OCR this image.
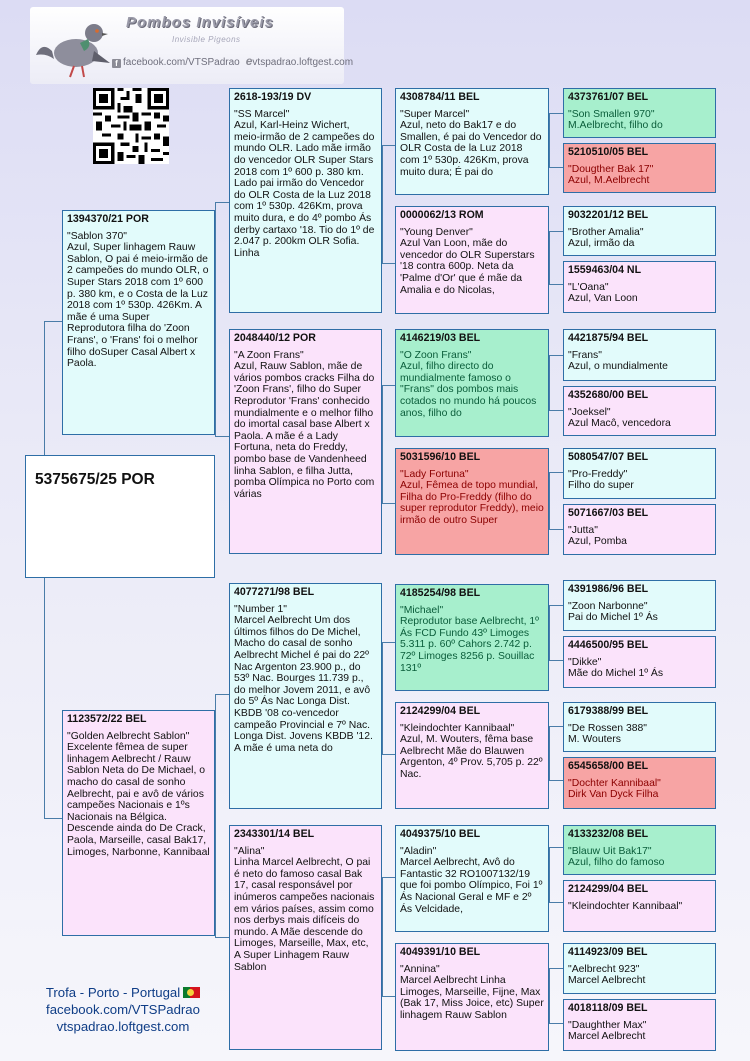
Pombos Invisíveis
Invisible Pigeons
f facebook.com/VTSPadrao evtspadrao.loftgest.com
5375675/25 POR
1394370/21 POR
"Sablon 370"
Azul, Super linhagem Rauw Sablon, O pai é meio-irmão de 2 campeões do mundo OLR, o Super Stars 2018 com 1º 600 p. 380 km, e o Costa de la Luz 2018 com 1º 530p. 426Km. A mãe é uma Super Reprodutora filha do 'Zoon Frans', o 'Frans' foi o melhor filho doSuper Casal Albert x Paola.
1123572/22 BEL
"Golden Aelbrecht Sablon"
Excelente fêmea de super linhagem Aelbrecht / Rauw Sablon Neta do De Michael, o macho do casal de sonho Aelbrecht, pai e avô de vários campeões Nacionais e 1ºs Nacionais na Bélgica. Descende ainda do De Crack, Paola, Marseille, casal Bak17, Limoges, Narbonne, Kannibaal
2618-193/19 DV
"SS Marcel"
Azul, Karl-Heinz Wichert, meio-irmão de 2 campeões do mundo OLR. Lado mãe irmão do vencedor OLR Super Stars 2018 com 1º 600 p. 380 km. Lado pai irmão do Vencedor do OLR Costa de la Luz 2018 com 1º 530p. 426Km, prova muito dura, e do 4º pombo Ás derby cartaxo '18. Tio do 1º de 2.047 p. 200km OLR Sofia. Linha
2048440/12 POR
"A Zoon Frans"
Azul, Rauw Sablon, mãe de vários pombos cracks Filha do 'Zoon Frans', filho do Super Reprodutor 'Frans' conhecido mundialmente e o melhor filho do imortal casal base Albert x Paola. A mãe é a Lady Fortuna, neta do Freddy, pombo base de Vandenheed linha Sablon, e filha Jutta, pomba Olímpica no Porto com várias
4077271/98 BEL
"Number 1"
Marcel Aelbrecht Um dos últimos filhos do De Michel, Macho do casal de sonho Aelbrecht Michel é pai do 22º Nac Argenton 23.900 p., do 53º Nac. Bourges 11.739 p., do melhor Jovem 2011, e avô do 5º Ás Nac Longa Dist. KBDB '08 co-vencedor campeão Provincial e 7º Nac. Longa Dist. Jovens KBDB '12. A mãe é uma neta do
2343301/14 BEL
"Alina"
Linha Marcel Aelbrecht, O pai é neto do famoso casal Bak 17, casal responsável por inúmeros campeões nacionais em vários países, assim como nos derbys mais difíceis do mundo. A Mãe descende do Limoges, Marseille, Max, etc, A Super Linhagem Rauw Sablon
4308784/11 BEL
"Super Marcel"
Azul, neto do Bak17 e do Smallen, é pai do Vencedor do OLR Costa de la Luz 2018 com 1º 530p. 426Km, prova muito dura; É pai do
0000062/13 ROM
"Young Denver"
Azul Van Loon, mãe do vencedor do OLR Superstars '18 contra 600p. Neta da 'Palme d'Or' que é mãe da Amalia e do Nicolas,
4146219/03 BEL
"O Zoon Frans"
Azul, filho directo do mundialmente famoso o "Frans" dos pombos mais cotados no mundo há poucos anos, filho do
5031596/10 BEL
"Lady Fortuna"
Azul, Fêmea de topo mundial, Filha do Pro-Freddy (filho do super reprodutor Freddy), meio irmão de outro Super
4185254/98 BEL
"Michael"
Reprodutor base Aelbrecht, 1º Ás FCD Fundo 43º Limoges 5.311 p. 60º Cahors 2.742 p. 72º Limoges 8256 p. Souillac 131º
2124299/04 BEL
"Kleindochter Kannibaal"
Azul, M. Wouters, fêma base Aelbrecht Mãe do Blauwen Argenton, 4º Prov. 5,705 p. 22º Nac.
4049375/10 BEL
"Aladin"
Marcel Aelbrecht, Avô do Fantastic 32 RO1007132/19 que foi pombo Olímpico, Foi 1º Ás Nacional Geral e MF e 2º Ás Velcidade,
4049391/10 BEL
"Annina"
Marcel Aelbrecht Linha Limoges, Marseille, Fijne, Max (Bak 17, Miss Joice, etc) Super linhagem Rauw Sablon
4373761/07 BEL
"Son Smallen 970"
M.Aelbrecht, filho do
5210510/05 BEL
"Dougther Bak 17"
Azul, M.Aelbrecht
9032201/12 BEL
"Brother Amalia"
Azul, irmão da
1559463/04 NL
"L'Oana"
Azul, Van Loon
4421875/94 BEL
"Frans"
Azul, o mundialmente
4352680/00 BEL
"Joeksel"
Azul Macô, vencedora
5080547/07 BEL
"Pro-Freddy"
Filho do super
5071667/03 BEL
"Jutta"
Azul, Pomba
4391986/96 BEL
"Zoon Narbonne"
Pai do Michel 1º Ás
4446500/95 BEL
"Dikke"
Mãe do Michel 1º Ás
6179388/99 BEL
"De Rossen 388"
M. Wouters
6545658/00 BEL
"Dochter Kannibaal"
Dirk Van Dyck Filha
4133232/08 BEL
"Blauw Uit Bak17"
Azul, filho do famoso
2124299/04 BEL
"Kleindochter Kannibaal"
4114923/09 BEL
"Aelbrecht 923"
Marcel Aelbrecht
4018118/09 BEL
"Daughther Max"
Marcel Aelbrecht
Trofa - Porto - Portugal
facebook.com/VTSPadrao
vtspadrao.loftgest.com
